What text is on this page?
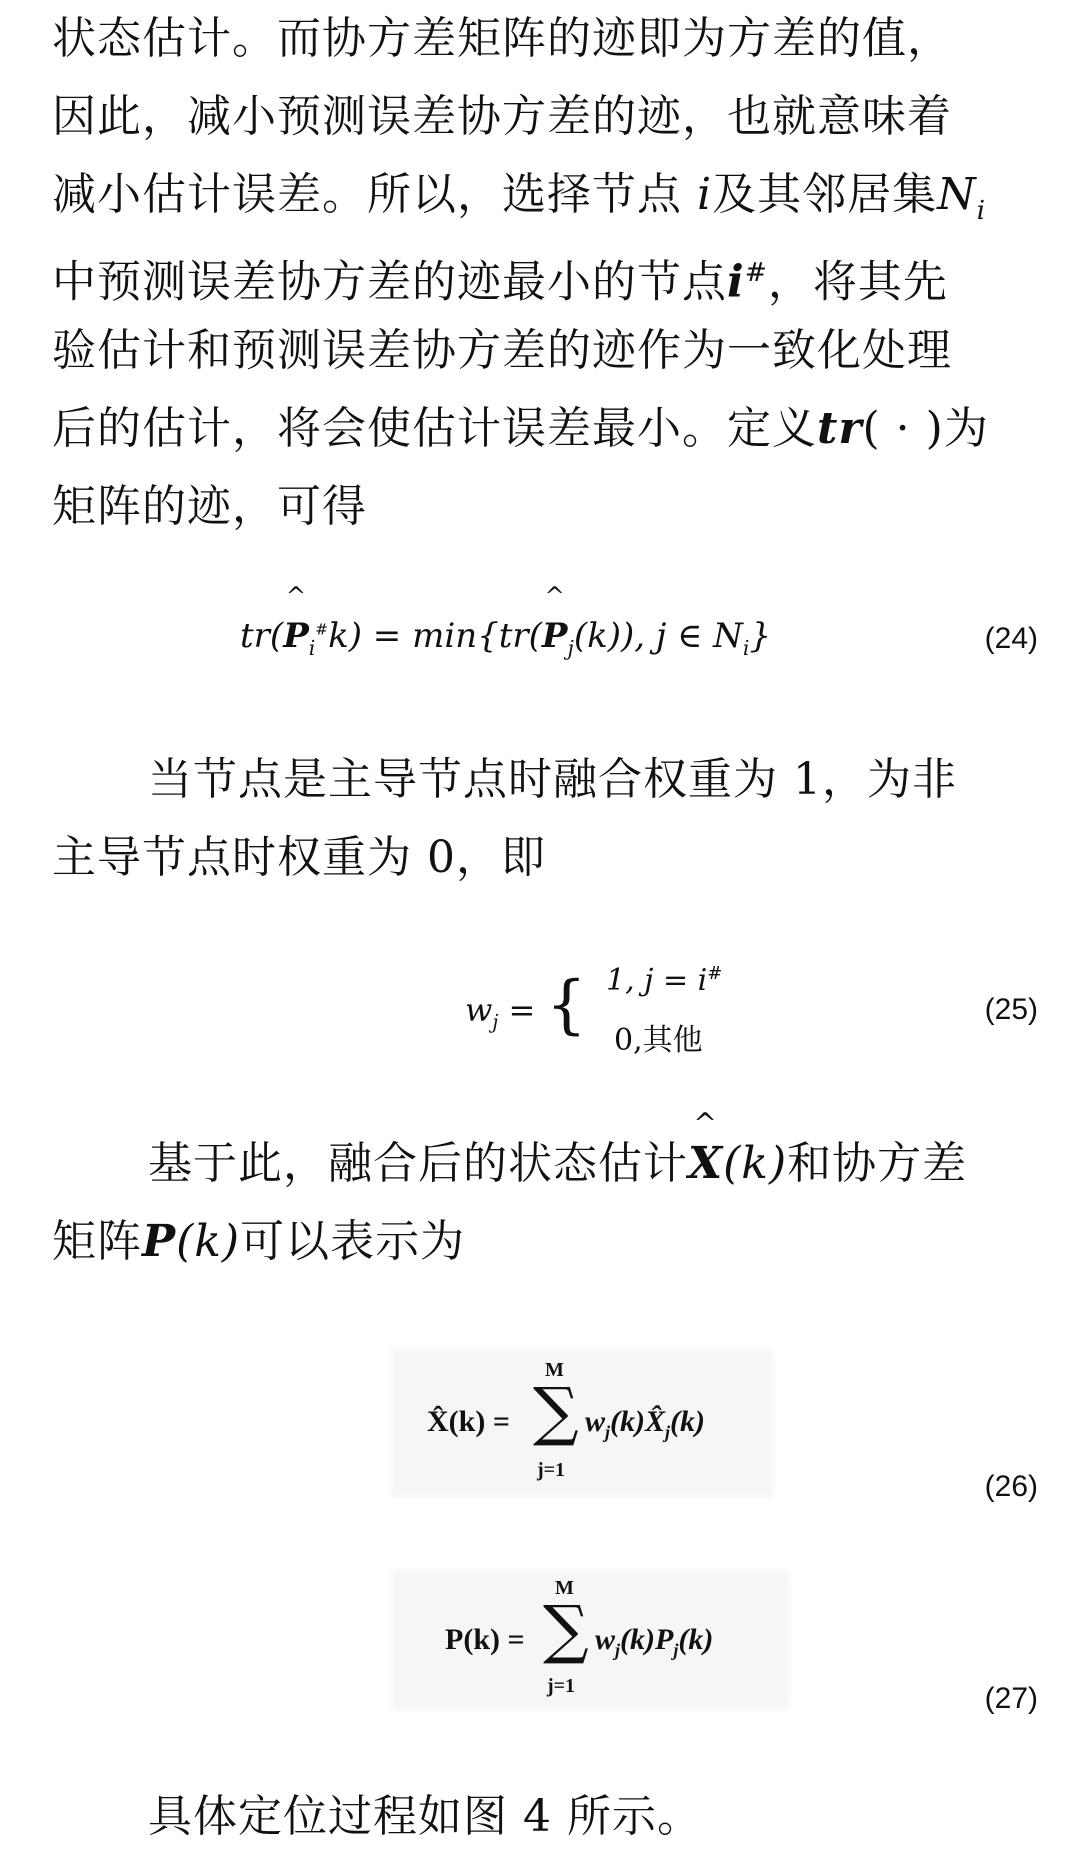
状态估计。而协方差矩阵的迹即为方差的值，
因此，减小预测误差协方差的迹，也就意味着
减小估计误差。所以，选择节点 i及其邻居集$N_i$
中预测误差协方差的迹最小的节点i#，将其先
验估计和预测误差协方差的迹作为一致化处理
后的估计，将会使估计误差最小。定义tr( · )为
矩阵的迹，可得
tr(
^
$P_i^{\#}k) = \min\{tr$(
^
$P_j(k)$), j ∈ $N_i$}	(24)
当节点是主导节点时融合权重为 1，为非
主导节点时权重为 0，即
$w_j$ = { 1, j = i#
0,其他
(25)
基于此，融合后的状态估计
^
X(k)和协方差
矩阵P(k)可以表示为
X̂(k) =
M
∑
j=1
$w_j(k)X̂_j(k)$
(26)
P(k) =
M
∑
j=1
$w_j(k)P_j(k)$
(27)
具体定位过程如图 4 所示。
